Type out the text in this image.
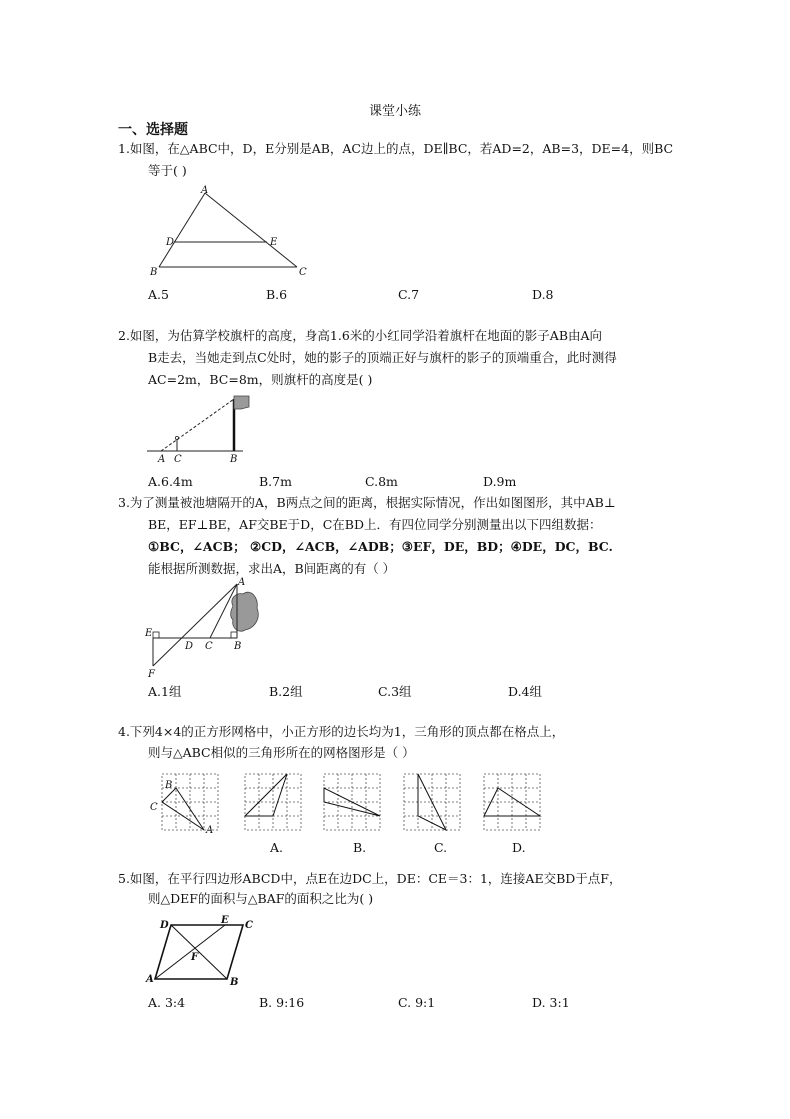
课堂小练
一、选择题
1.如图，在△ABC中，D，E分别是AB，AC边上的点，DE∥BC，若AD=2，AB=3，DE=4，则BC
等于( )
A
D	E
B	C
A.5	B.6	C.7	D.8
2.如图，为估算学校旗杆的高度，身高1.6米的小红同学沿着旗杆在地面的影子AB由A向
B走去，当她走到点C处时，她的影子的顶端正好与旗杆的影子的顶端重合，此时测得
AC=2m，BC=8m，则旗杆的高度是( )
A C	B
A.6.4m	B.7m	C.8m	D.9m
3.为了测量被池塘隔开的A，B两点之间的距离，根据实际情况，作出如图图形，其中AB⊥
BE，EF⊥BE，AF交BE于D，C在BD上．有四位同学分别测量出以下四组数据：
①BC，∠ACB； ②CD，∠ACB，∠ADB；③EF，DE，BD；④DE，DC，BC.
能根据所测数据，求出A，B间距离的有（ ）
A
E
F
D C B
A.1组	B.2组	C.3组	D.4组
4.下列4×4的正方形网格中，小正方形的边长均为1，三角形的顶点都在格点上，
则与△ABC相似的三角形所在的网格图形是（ ）
B
C
A
A.	B.	C.	D.
5.如图，在平行四边形ABCD中，点E在边DC上，DE：CE＝3：1，连接AE交BD于点F，
则△DEF的面积与△BAF的面积之比为( )
D	E C
F
A	B
A. 3:4	B. 9:16	C. 9:1	D. 3:1
